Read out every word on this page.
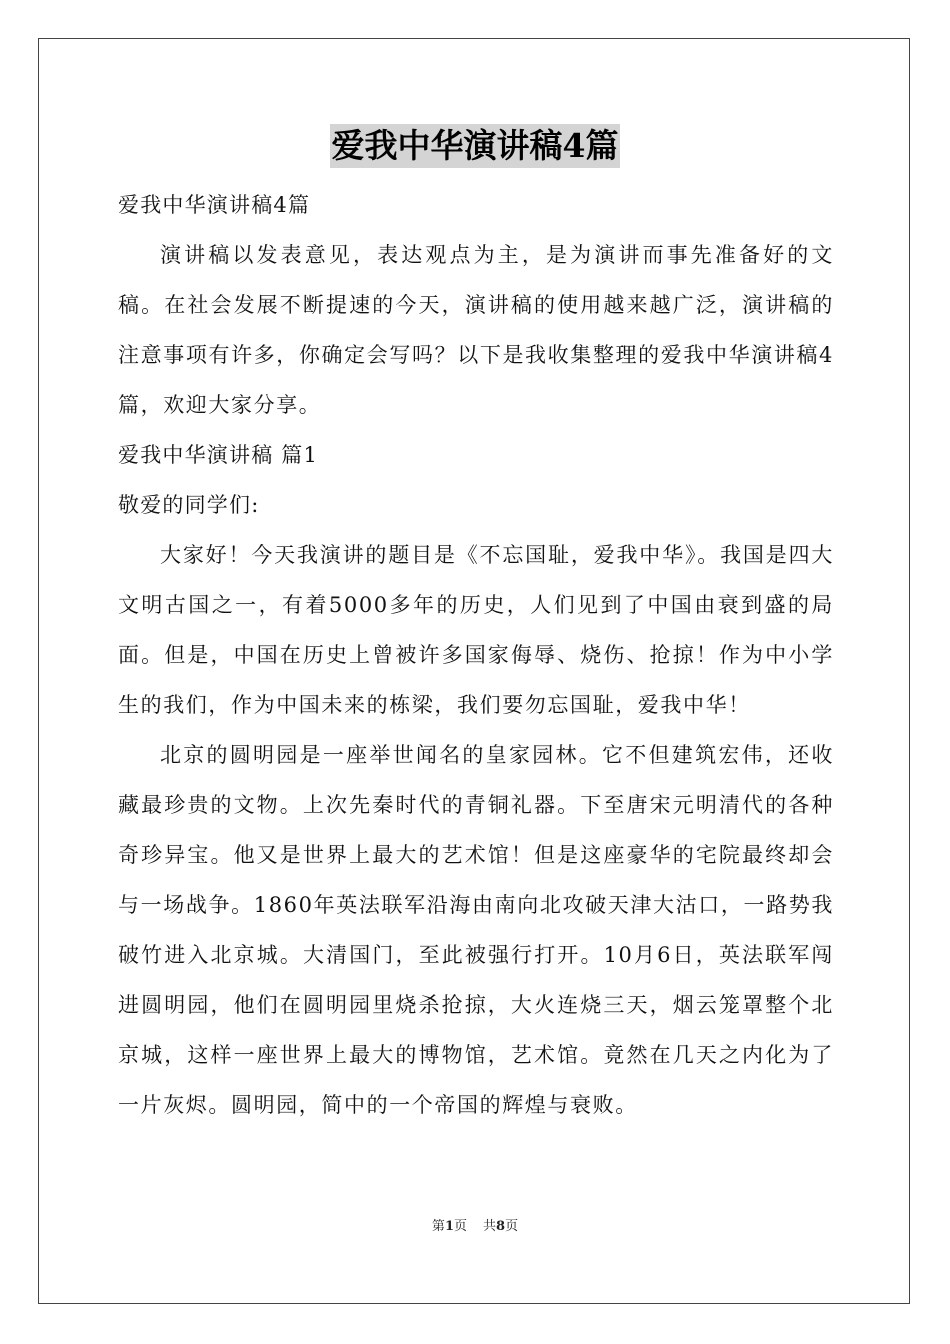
爱我中华演讲稿4篇
爱我中华演讲稿4篇

演讲稿以发表意见，表达观点为主，是为演讲而事先准备好的文稿。在社会发展不断提速的今天，演讲稿的使用越来越广泛，演讲稿的注意事项有许多，你确定会写吗？以下是我收集整理的爱我中华演讲稿4篇，欢迎大家分享。

爱我中华演讲稿 篇1
敬爱的同学们:

大家好！今天我演讲的题目是《不忘国耻，爱我中华》。我国是四大文明古国之一，有着5000多年的历史，人们见到了中国由衰到盛的局面。但是，中国在历史上曾被许多国家侮辱、烧伤、抢掠！作为中小学生的我们，作为中国未来的栋梁，我们要勿忘国耻，爱我中华！

北京的圆明园是一座举世闻名的皇家园林。它不但建筑宏伟，还收藏最珍贵的文物。上次先秦时代的青铜礼器。下至唐宋元明清代的各种奇珍异宝。他又是世界上最大的艺术馆！但是这座豪华的宅院最终却会与一场战争。1860年英法联军沿海由南向北攻破天津大沽口，一路势我破竹进入北京城。大清国门，至此被强行打开。10月6日，英法联军闯进圆明园，他们在圆明园里烧杀抢掠，大火连烧三天，烟云笼罩整个北京城，这样一座世界上最大的博物馆，艺术馆。竟然在几天之内化为了一片灰烬。圆明园，简中的一个帝国的辉煌与衰败。

第1页 共8页
